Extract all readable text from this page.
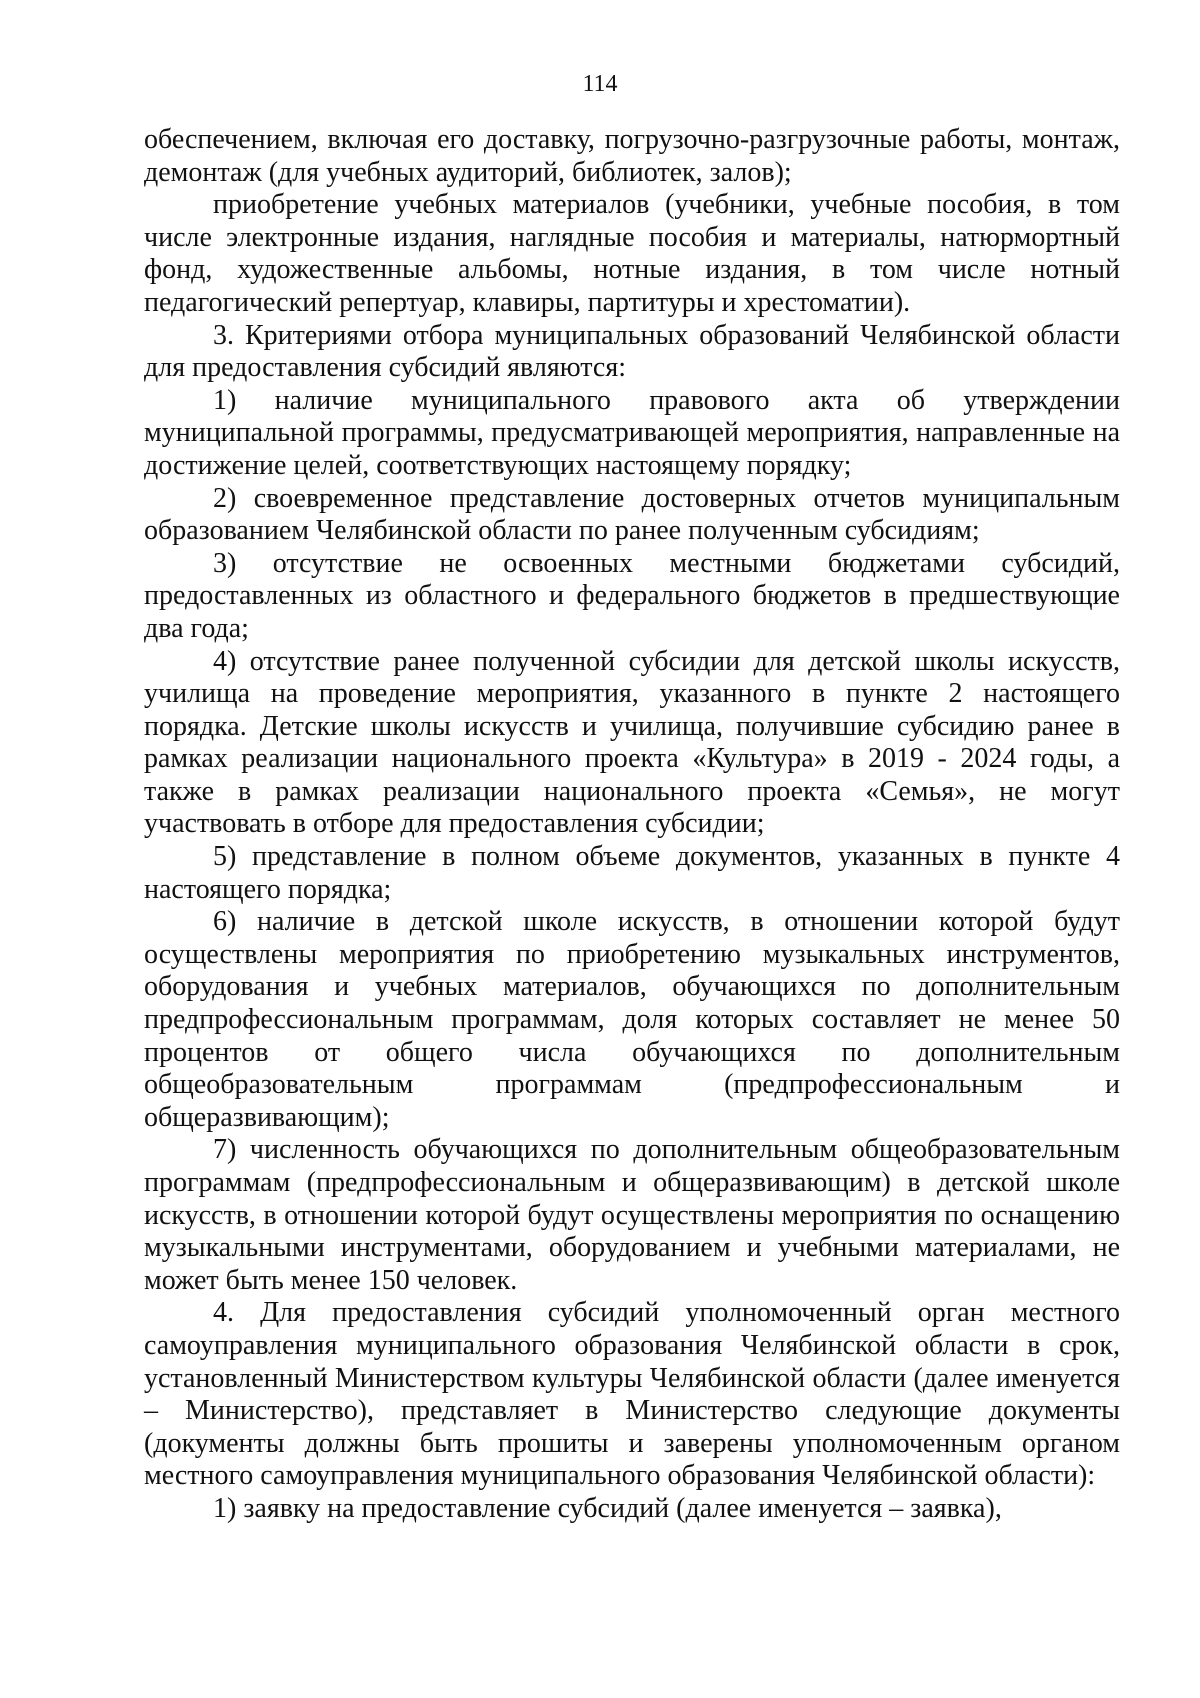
114

обеспечением, включая его доставку, погрузочно-разгрузочные работы, монтаж, демонтаж (для учебных аудиторий, библиотек, залов);

приобретение учебных материалов (учебники, учебные пособия, в том числе электронные издания, наглядные пособия и материалы, натюрмортный фонд, художественные альбомы, нотные издания, в том числе нотный педагогический репертуар, клавиры, партитуры и хрестоматии).

3. Критериями отбора муниципальных образований Челябинской области для предоставления субсидий являются:

1) наличие муниципального правового акта об утверждении муниципальной программы, предусматривающей мероприятия, направленные на достижение целей, соответствующих настоящему порядку;

2) своевременное представление достоверных отчетов муниципальным образованием Челябинской области по ранее полученным субсидиям;

3) отсутствие не освоенных местными бюджетами субсидий, предоставленных из областного и федерального бюджетов в предшествующие два года;

4) отсутствие ранее полученной субсидии для детской школы искусств, училища на проведение мероприятия, указанного в пункте 2 настоящего порядка. Детские школы искусств и училища, получившие субсидию ранее в рамках реализации национального проекта «Культура» в 2019 - 2024 годы, а также в рамках реализации национального проекта «Семья», не могут участвовать в отборе для предоставления субсидии;

5) представление в полном объеме документов, указанных в пункте 4 настоящего порядка;

6) наличие в детской школе искусств, в отношении которой будут осуществлены мероприятия по приобретению музыкальных инструментов, оборудования и учебных материалов, обучающихся по дополнительным предпрофессиональным программам, доля которых составляет не менее 50 процентов от общего числа обучающихся по дополнительным общеобразовательным программам (предпрофессиональным и общеразвивающим);

7) численность обучающихся по дополнительным общеобразовательным программам (предпрофессиональным и общеразвивающим) в детской школе искусств, в отношении которой будут осуществлены мероприятия по оснащению музыкальными инструментами, оборудованием и учебными материалами, не может быть менее 150 человек.

4. Для предоставления субсидий уполномоченный орган местного самоуправления муниципального образования Челябинской области в срок, установленный Министерством культуры Челябинской области (далее именуется – Министерство), представляет в Министерство следующие документы (документы должны быть прошиты и заверены уполномоченным органом местного самоуправления муниципального образования Челябинской области):

1) заявку на предоставление субсидий (далее именуется – заявка),
